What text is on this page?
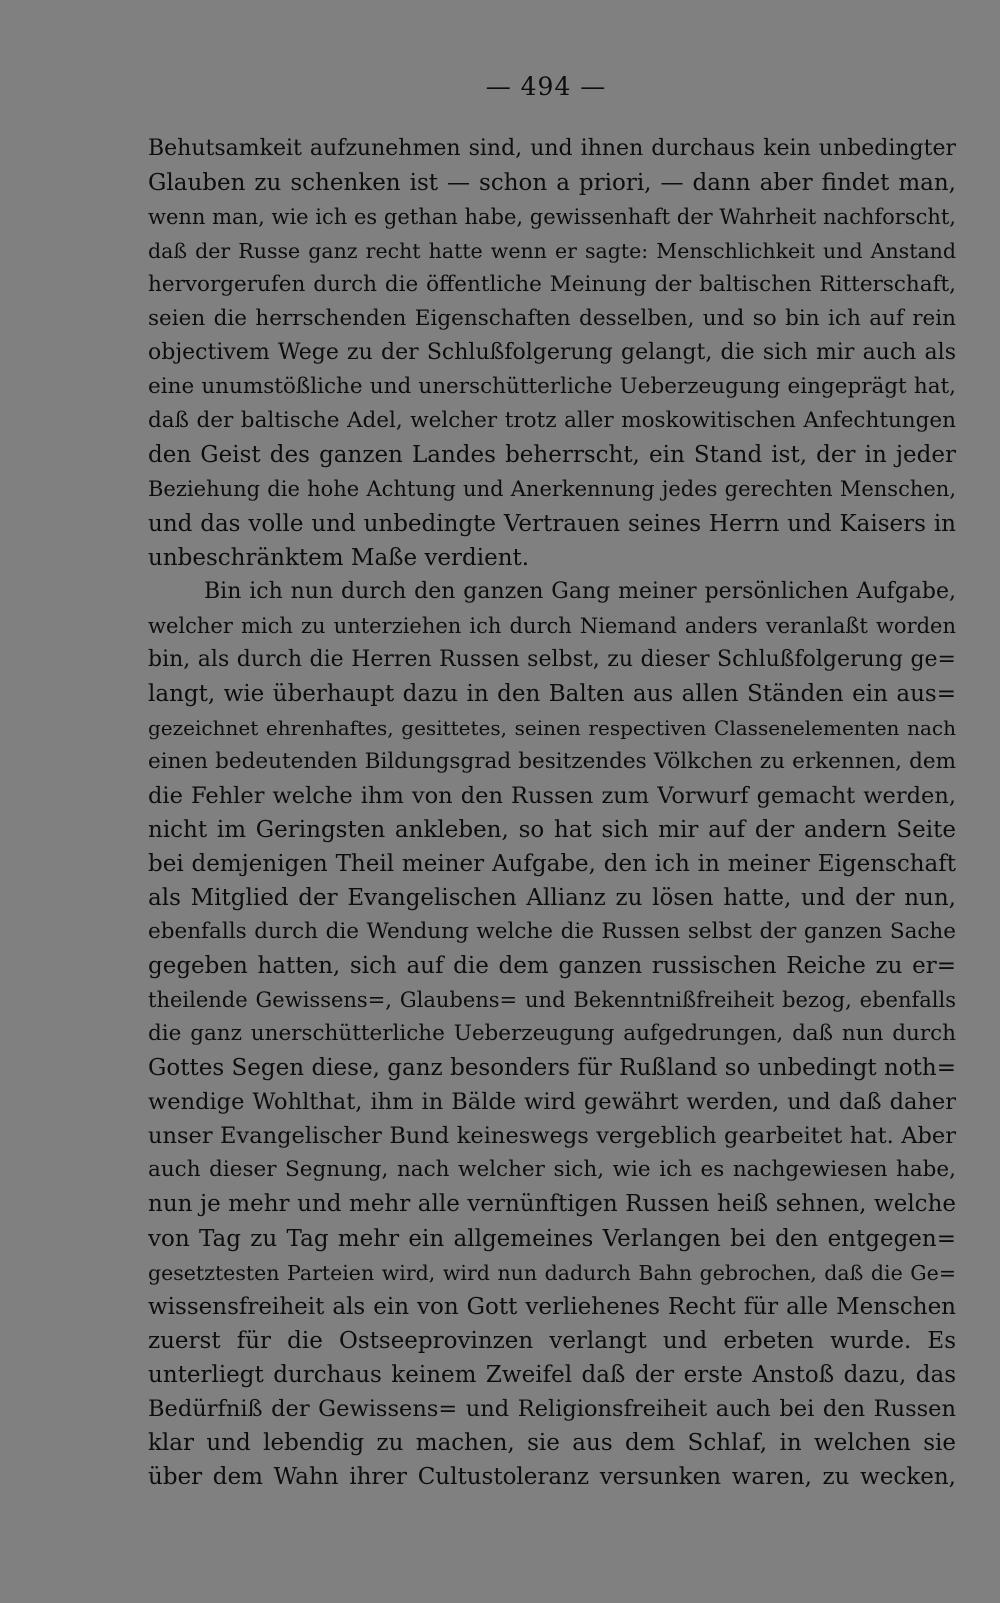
— 494 —
Behutsamkeit aufzunehmen sind, und ihnen durchaus kein unbedingter
Glauben zu schenken ist — schon a priori, — dann aber findet man,
wenn man, wie ich es gethan habe, gewissenhaft der Wahrheit nachforscht,
daß der Russe ganz recht hatte wenn er sagte: Menschlichkeit und Anstand
hervorgerufen durch die öffentliche Meinung der baltischen Ritterschaft,
seien die herrschenden Eigenschaften desselben, und so bin ich auf rein
objectivem Wege zu der Schlußfolgerung gelangt, die sich mir auch als
eine unumstößliche und unerschütterliche Ueberzeugung eingeprägt hat,
daß der baltische Adel, welcher trotz aller moskowitischen Anfechtungen
den Geist des ganzen Landes beherrscht, ein Stand ist, der in jeder
Beziehung die hohe Achtung und Anerkennung jedes gerechten Menschen,
und das volle und unbedingte Vertrauen seines Herrn und Kaisers in
unbeschränktem Maße verdient.
Bin ich nun durch den ganzen Gang meiner persönlichen Aufgabe,
welcher mich zu unterziehen ich durch Niemand anders veranlaßt worden
bin, als durch die Herren Russen selbst, zu dieser Schlußfolgerung ge=
langt, wie überhaupt dazu in den Balten aus allen Ständen ein aus=
gezeichnet ehrenhaftes, gesittetes, seinen respectiven Classenelementen nach
einen bedeutenden Bildungsgrad besitzendes Völkchen zu erkennen, dem
die Fehler welche ihm von den Russen zum Vorwurf gemacht werden,
nicht im Geringsten ankleben, so hat sich mir auf der andern Seite
bei demjenigen Theil meiner Aufgabe, den ich in meiner Eigenschaft
als Mitglied der Evangelischen Allianz zu lösen hatte, und der nun,
ebenfalls durch die Wendung welche die Russen selbst der ganzen Sache
gegeben hatten, sich auf die dem ganzen russischen Reiche zu er=
theilende Gewissens=, Glaubens= und Bekenntnißfreiheit bezog, ebenfalls
die ganz unerschütterliche Ueberzeugung aufgedrungen, daß nun durch
Gottes Segen diese, ganz besonders für Rußland so unbedingt noth=
wendige Wohlthat, ihm in Bälde wird gewährt werden, und daß daher
unser Evangelischer Bund keineswegs vergeblich gearbeitet hat. Aber
auch dieser Segnung, nach welcher sich, wie ich es nachgewiesen habe,
nun je mehr und mehr alle vernünftigen Russen heiß sehnen, welche
von Tag zu Tag mehr ein allgemeines Verlangen bei den entgegen=
gesetztesten Parteien wird, wird nun dadurch Bahn gebrochen, daß die Ge=
wissensfreiheit als ein von Gott verliehenes Recht für alle Menschen
zuerst für die Ostseeprovinzen verlangt und erbeten wurde. Es
unterliegt durchaus keinem Zweifel daß der erste Anstoß dazu, das
Bedürfniß der Gewissens= und Religionsfreiheit auch bei den Russen
klar und lebendig zu machen, sie aus dem Schlaf, in welchen sie
über dem Wahn ihrer Cultustoleranz versunken waren, zu wecken,
